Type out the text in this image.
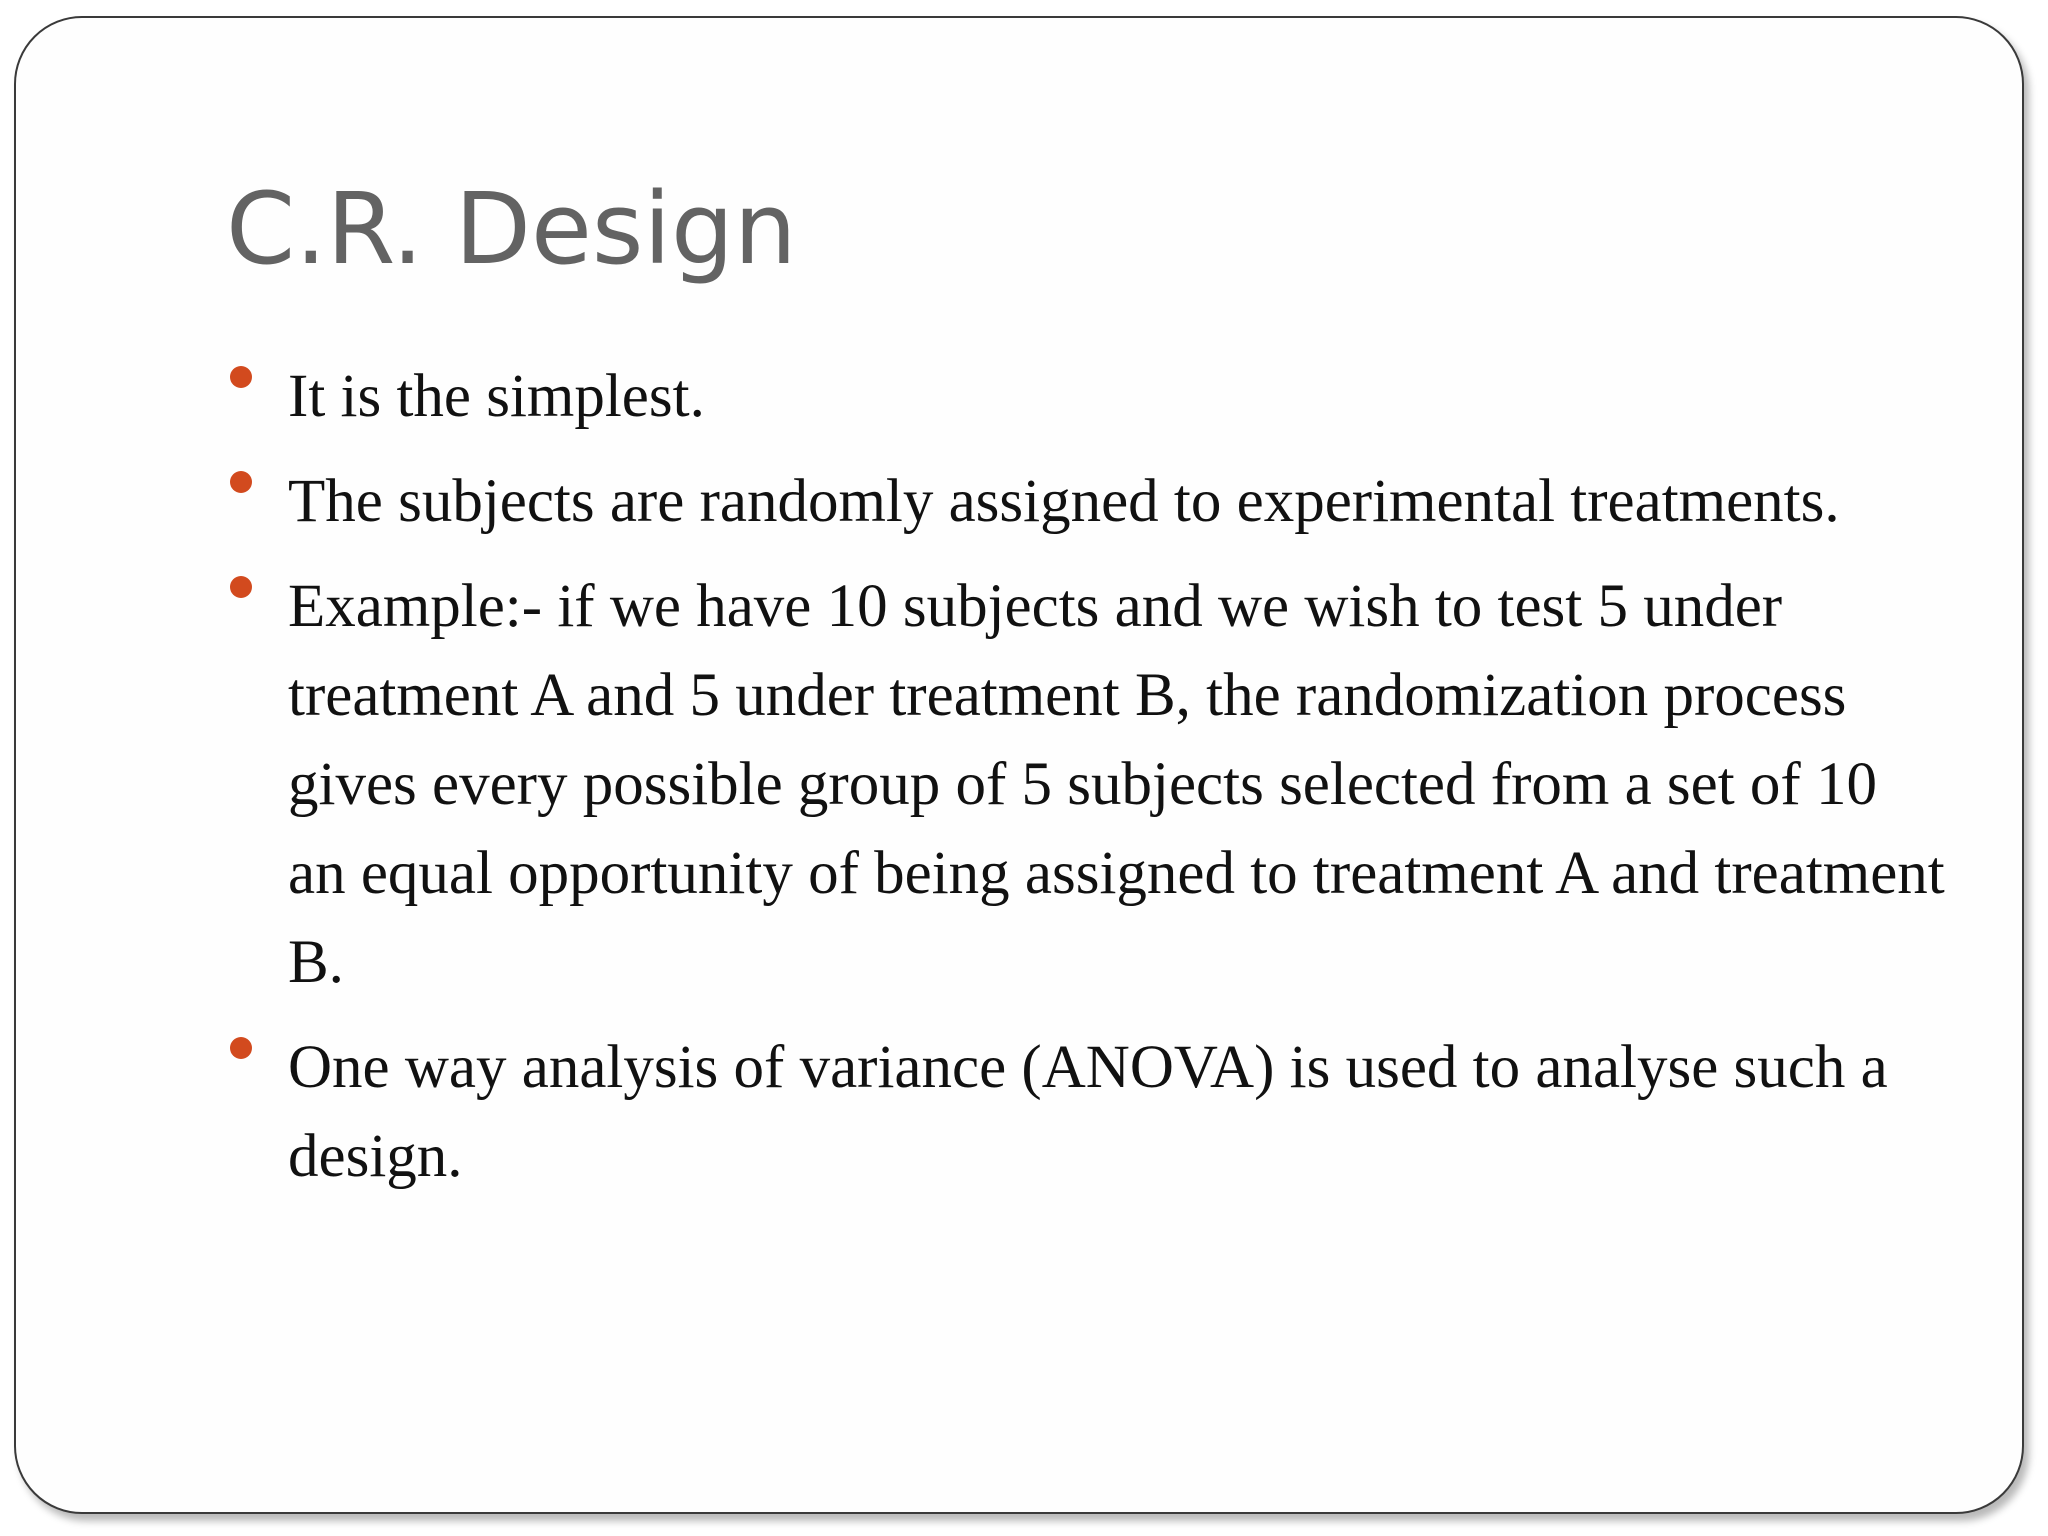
C.R. Design
It is the simplest.
The subjects are randomly assigned to experimental treatments.
Example:- if we have 10 subjects and we wish to test 5 under treatment A and 5 under treatment B, the randomization process gives every possible group of 5 subjects selected from a set of 10 an equal opportunity of being assigned to treatment A and treatment B.
One way analysis of variance (ANOVA) is used to analyse such a design.
